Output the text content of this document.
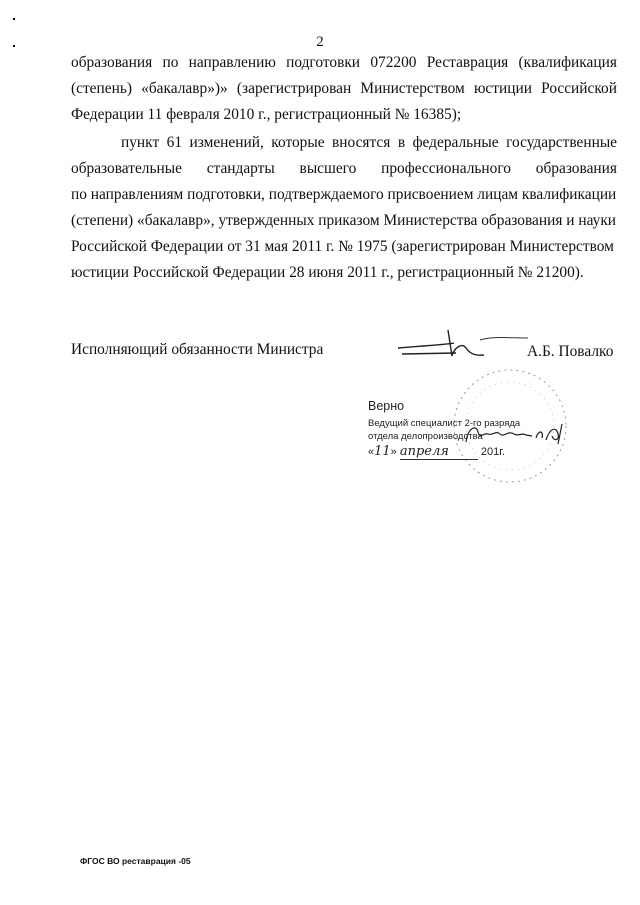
2
образования по направлению подготовки 072200 Реставрация (квалификация
(степень) «бакалавр»)» (зарегистрирован Министерством юстиции Российской
Федерации 11 февраля 2010 г., регистрационный № 16385);
пункт 61 изменений, которые вносятся в федеральные государственные
образовательные стандарты высшего профессионального образования
по направлениям подготовки, подтверждаемого присвоением лицам квалификации
(степени) «бакалавр», утвержденных приказом Министерства образования и науки
Российской Федерации от 31 мая 2011 г. № 1975 (зарегистрирован Министерством
юстиции Российской Федерации 28 июня 2011 г., регистрационный № 21200).
Исполняющий обязанности Министра	А.Б. Повалко
Верно
Ведущий специалист 2-го разряда
отдела делопроизводства
«11» апреля	201г.
ФГОС ВО реставрация -05
